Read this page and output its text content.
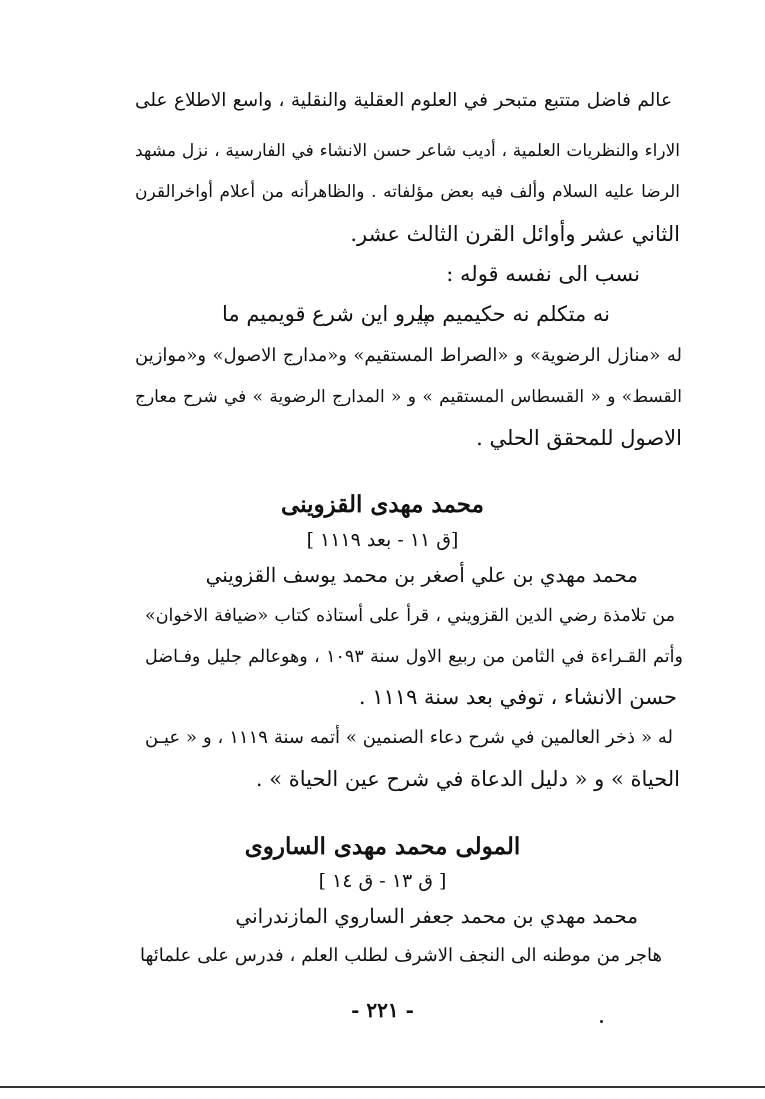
عالم فاضل متتبع متبحر في العلوم العقلية والنقلية ، واسع الاطلاع على
الاراء والنظريات العلمية ، أديب شاعر حسن الانشاء في الفارسية ، نزل مشهد
الرضا عليه السلام وألف فيه بعض مؤلفاته . والظاهرأنه من أعلام أواخرالقرن
الثاني عشر وأوائل القرن الثالث عشر.
نسب الى نفسه قوله :
نه متكلم نه حكيميم ما
پيرو اين شرع قويميم ما
له «منازل الرضوية» و «الصراط المستقيم» و«مدارج الاصول» و«موازين
القسط» و « القسطاس المستقيم » و « المدارج الرضوية » في شرح معارج
الاصول للمحقق الحلي .
محمد مهدی القزوینی
[ق ١١ - بعد ١١١٩ ]
محمد مهدي بن علي أصغر بن محمد يوسف القزويني
من تلامذة رضي الدين القزويني ، قرأ على أستاذه كتاب «ضيافة الاخوان»
وأتم القـراءة في الثامن من ربيع الاول سنة ١٠٩٣ ، وهوعالم جليل وفـاضل
حسن الانشاء ، توفي بعد سنة ١١١٩ .
له « ذخر العالمين في شرح دعاء الصنمين » أتمه سنة ١١١٩ ، و « عيـن
الحياة » و « دليل الدعاة في شرح عين الحياة » .
المولى محمد مهدى الساروى
[ ق ١٣ - ق ١٤ ]
محمد مهدي بن محمد جعفر الساروي المازندراني
هاجر من موطنه الى النجف الاشرف لطلب العلم ، فدرس على علمائها
- ٢٢١ -
